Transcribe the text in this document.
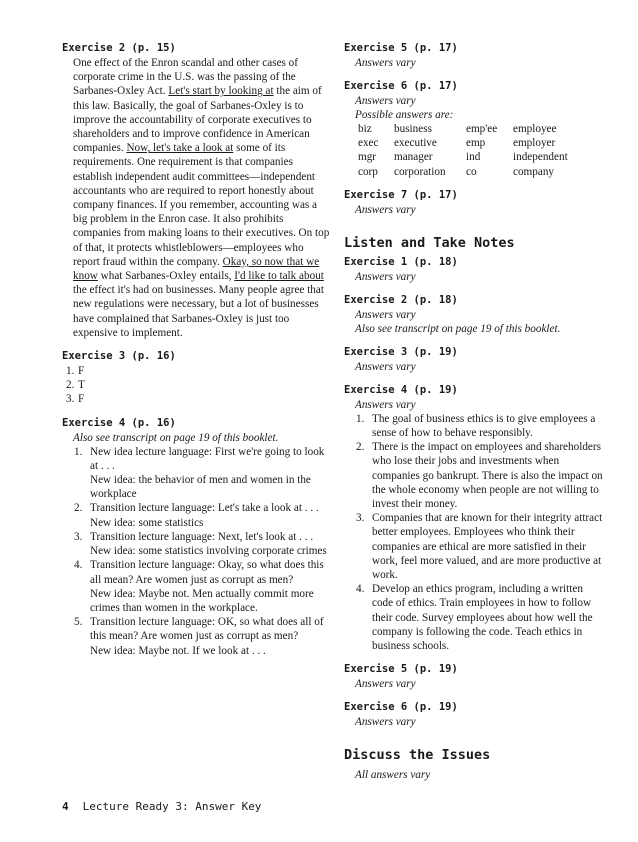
Exercise 2 (p. 15)

One effect of the Enron scandal and other cases of corporate crime in the U.S. was the passing of the Sarbanes-Oxley Act. Let's start by looking at the aim of this law. Basically, the goal of Sarbanes-Oxley is to improve the accountability of corporate executives to shareholders and to improve confidence in American companies. Now, let's take a look at some of its requirements. One requirement is that companies establish independent audit committees—independent accountants who are required to report honestly about company finances. If you remember, accounting was a big problem in the Enron case. It also prohibits companies from making loans to their executives. On top of that, it protects whistleblowers—employees who report fraud within the company. Okay, so now that we know what Sarbanes-Oxley entails, I'd like to talk about the effect it's had on businesses. Many people agree that new regulations were necessary, but a lot of businesses have complained that Sarbanes-Oxley is just too expensive to implement.

Exercise 3 (p. 16)
1. F
2. T
3. F
Exercise 4 (p. 16)
Also see transcript on page 19 of this booklet.
1. New idea lecture language: First we're going to look at . . .
New idea: the behavior of men and women in the workplace
2. Transition lecture language: Let's take a look at . . .
New idea: some statistics
3. Transition lecture language: Next, let's look at . . .
New idea: some statistics involving corporate crimes
4. Transition lecture language: Okay, so what does this all mean? Are women just as corrupt as men?
New idea: Maybe not. Men actually commit more crimes than women in the workplace.
5. Transition lecture language: OK, so what does all of this mean? Are women just as corrupt as men?
New idea: Maybe not. If we look at . . .
Exercise 5 (p. 17)
Answers vary
Exercise 6 (p. 17)
Answers vary
Possible answers are:
biz	business	emp'ee	employee
exec	executive	emp	employer
mgr	manager	ind	independent
corp	corporation	co	company
Exercise 7 (p. 17)
Answers vary
Listen and Take Notes
Exercise 1 (p. 18)
Answers vary
Exercise 2 (p. 18)
Answers vary
Also see transcript on page 19 of this booklet.
Exercise 3 (p. 19)
Answers vary
Exercise 4 (p. 19)
Answers vary
1. The goal of business ethics is to give employees a sense of how to behave responsibly.
2. There is the impact on employees and shareholders who lose their jobs and investments when companies go bankrupt. There is also the impact on the whole economy when people are not willing to invest their money.
3. Companies that are known for their integrity attract better employees. Employees who think their companies are ethical are more satisfied in their work, feel more valued, and are more productive at work.
4. Develop an ethics program, including a written code of ethics. Train employees in how to follow their code. Survey employees about how well the company is following the code. Teach ethics in business schools.
Exercise 5 (p. 19)
Answers vary
Exercise 6 (p. 19)
Answers vary
Discuss the Issues
All answers vary
4 Lecture Ready 3: Answer Key
